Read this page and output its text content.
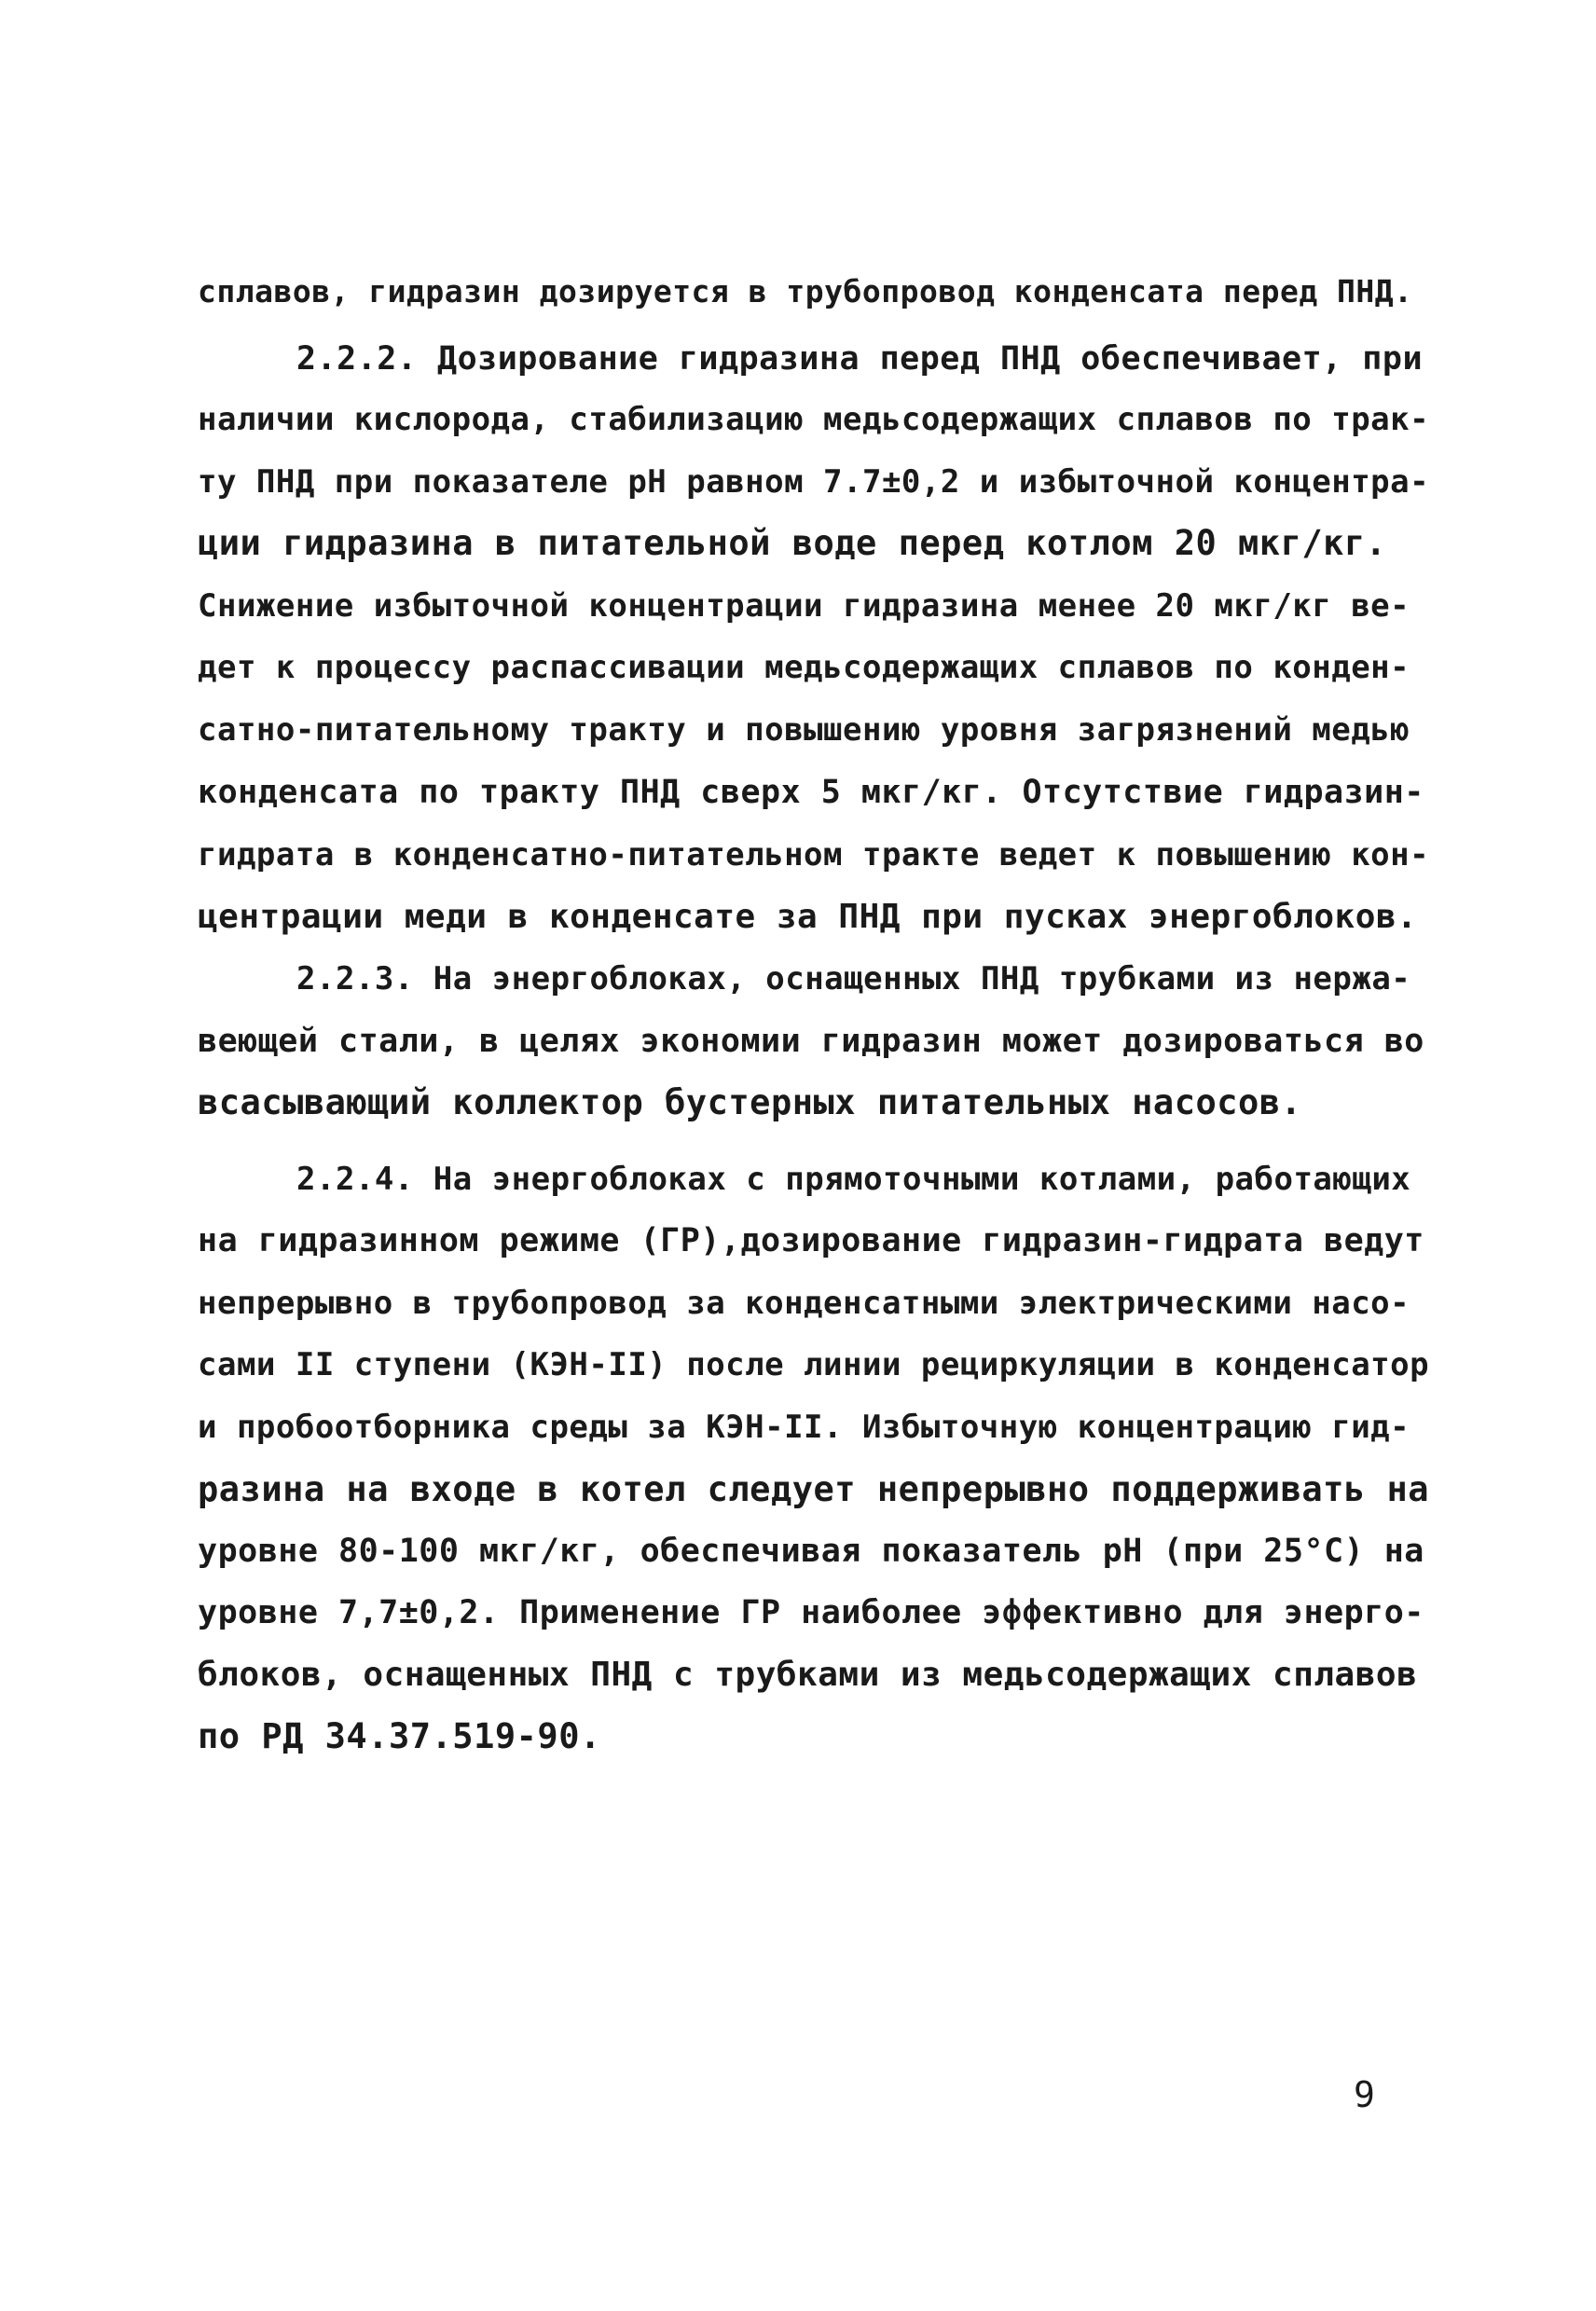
сплавов, гидразин дозируется в трубопровод конденсата перед ПНД.
2.2.2. Дозирование гидразина перед ПНД обеспечивает, при
наличии кислорода, стабилизацию медьсодержащих сплавов по трак-
ту ПНД при показателе рН равном 7.7±0,2 и избыточной концентра-
ции гидразина в питательной воде перед котлом 20 мкг/кг.
Снижение избыточной концентрации гидразина менее 20 мкг/кг ве-
дет к процессу распассивации медьсодержащих сплавов по конден-
сатно-питательному тракту и повышению уровня загрязнений медью
конденсата по тракту ПНД сверх 5 мкг/кг. Отсутствие гидразин-
гидрата в конденсатно-питательном тракте ведет к повышению кон-
центрации меди в конденсате за ПНД при пусках энергоблоков.
2.2.3. На энергоблоках, оснащенных ПНД трубками из нержа-
веющей стали, в целях экономии гидразин может дозироваться во
всасывающий коллектор бустерных питательных насосов.
2.2.4. На энергоблоках с прямоточными котлами, работающих
на гидразинном режиме (ГР),дозирование гидразин-гидрата ведут
непрерывно в трубопровод за конденсатными электрическими насо-
сами II ступени (КЭН-II) после линии рециркуляции в конденсатор
и пробоотборника среды за КЭН-II. Избыточную концентрацию гид-
разина на входе в котел следует непрерывно поддерживать на
уровне 80-100 мкг/кг, обеспечивая показатель рН (при 25°С) на
уровне 7,7±0,2. Применение ГР наиболее эффективно для энерго-
блоков, оснащенных ПНД с трубками из медьсодержащих сплавов
по РД 34.37.519-90.
9
